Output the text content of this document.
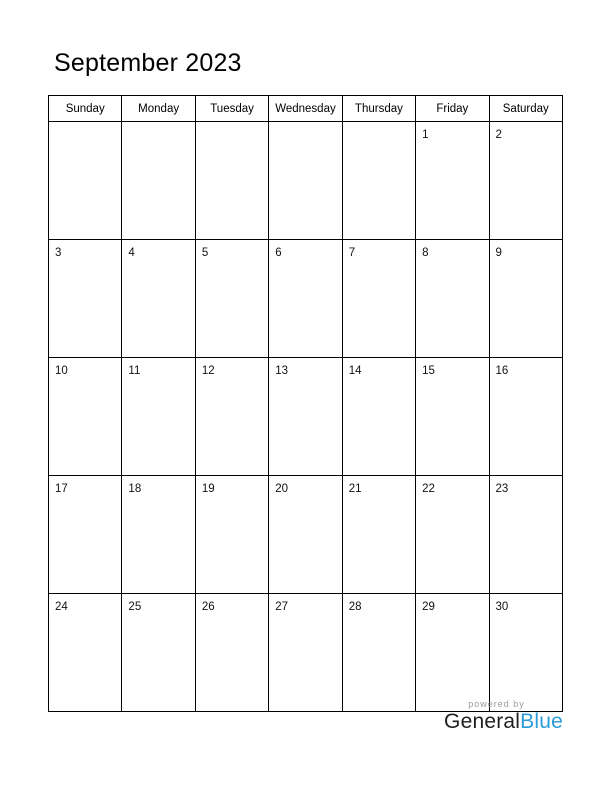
September 2023
Sunday	Monday	Tuesday	Wednesday	Thursday	Friday	Saturday
					1	2
3	4	5	6	7	8	9
10	11	12	13	14	15	16
17	18	19	20	21	22	23
24	25	26	27	28	29	30
powered by
GeneralBlue
